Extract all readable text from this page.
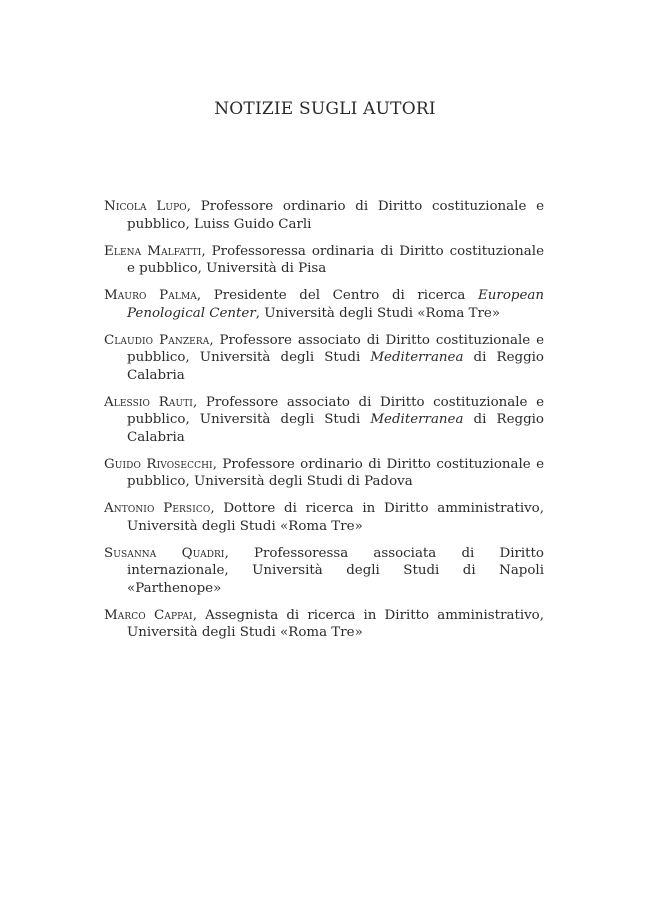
NOTIZIE SUGLI AUTORI

Nicola Lupo, Professore ordinario di Diritto costituzionale e pubblico, Luiss Guido Carli

Elena Malfatti, Professoressa ordinaria di Diritto costituzionale e pubblico, Università di Pisa

Mauro Palma, Presidente del Centro di ricerca European Penological Center, Università degli Studi «Roma Tre»

Claudio Panzera, Professore associato di Diritto costituzionale e pubblico, Università degli Studi Mediterranea di Reggio Calabria

Alessio Rauti, Professore associato di Diritto costituzionale e pubblico, Università degli Studi Mediterranea di Reggio Calabria

Guido Rivosecchi, Professore ordinario di Diritto costituzionale e pubblico, Università degli Studi di Padova

Antonio Persico, Dottore di ricerca in Diritto amministrativo, Università degli Studi «Roma Tre»

Susanna Quadri, Professoressa associata di Diritto internazionale, Università degli Studi di Napoli «Parthenope»

Marco Cappai, Assegnista di ricerca in Diritto amministrativo, Università degli Studi «Roma Tre»
